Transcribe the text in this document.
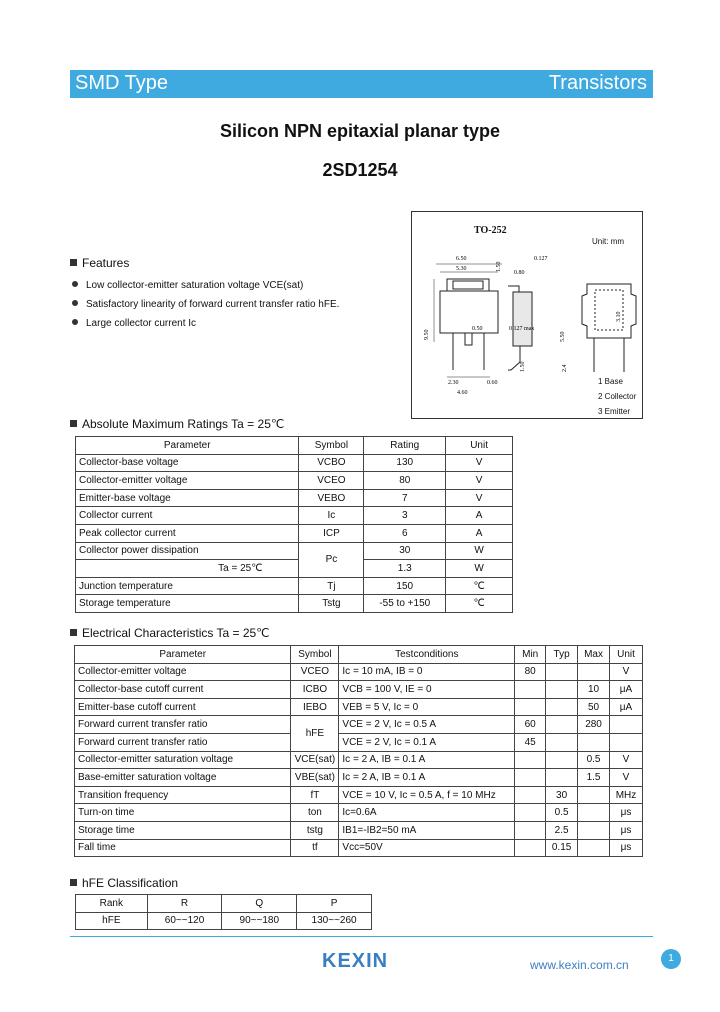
SMD Type	Transistors
Silicon NPN epitaxial planar type
2SD1254
TO-252
Unit: mm
6.50
5.30	1.50
0.50
2.30
9.50
0.60
4.60
0.80
0.127 max
5.50
1.50
0.127
3.10
2.4
1 Base
2 Collector
3 Emitter
Features
Low collector-emitter saturation voltage VCE(sat)
Satisfactory linearity of forward current transfer ratio hFE.
Large collector current Ic
Absolute Maximum Ratings Ta = 25℃
Parameter	Symbol	Rating	Unit
Collector-base voltage	VCBO	130	V
Collector-emitter voltage	VCEO	80	V
Emitter-base voltage	VEBO	7	V
Collector current	Ic	3	A
Peak collector current	ICP	6	A
Collector power dissipation	Pc	30	W
Ta = 25℃		1.3	W
Junction temperature	Tj	150	℃
Storage temperature	Tstg	-55 to +150	℃
Electrical Characteristics Ta = 25℃
Parameter	Symbol	Testconditions	Min	Typ	Max	Unit
Collector-emitter voltage	VCEO	Ic = 10 mA, IB = 0	80			V
Collector-base cutoff current	ICBO	VCB = 100 V, IE = 0			10	μA
Emitter-base cutoff current	IEBO	VEB = 5 V, Ic = 0			50	μA
Forward current transfer ratio	hFE	VCE = 2 V, Ic = 0.5 A	60		280	
Forward current transfer ratio		VCE = 2 V, Ic = 0.1 A	45			
Collector-emitter saturation voltage	VCE(sat)	Ic = 2 A, IB = 0.1 A			0.5	V
Base-emitter saturation voltage	VBE(sat)	Ic = 2 A, IB = 0.1 A			1.5	V
Transition frequency	fT	VCE = 10 V, Ic = 0.5 A, f = 10 MHz		30		MHz
Turn-on time	ton	Ic=0.6A		0.5		μs
Storage time	tstg	IB1=-IB2=50 mA		2.5		μs
Fall time	tf	Vcc=50V		0.15		μs
hFE Classification
Rank	R	Q	P
hFE	60~~120	90~~180	130~~260
KEXIN	www.kexin.com.cn	1
